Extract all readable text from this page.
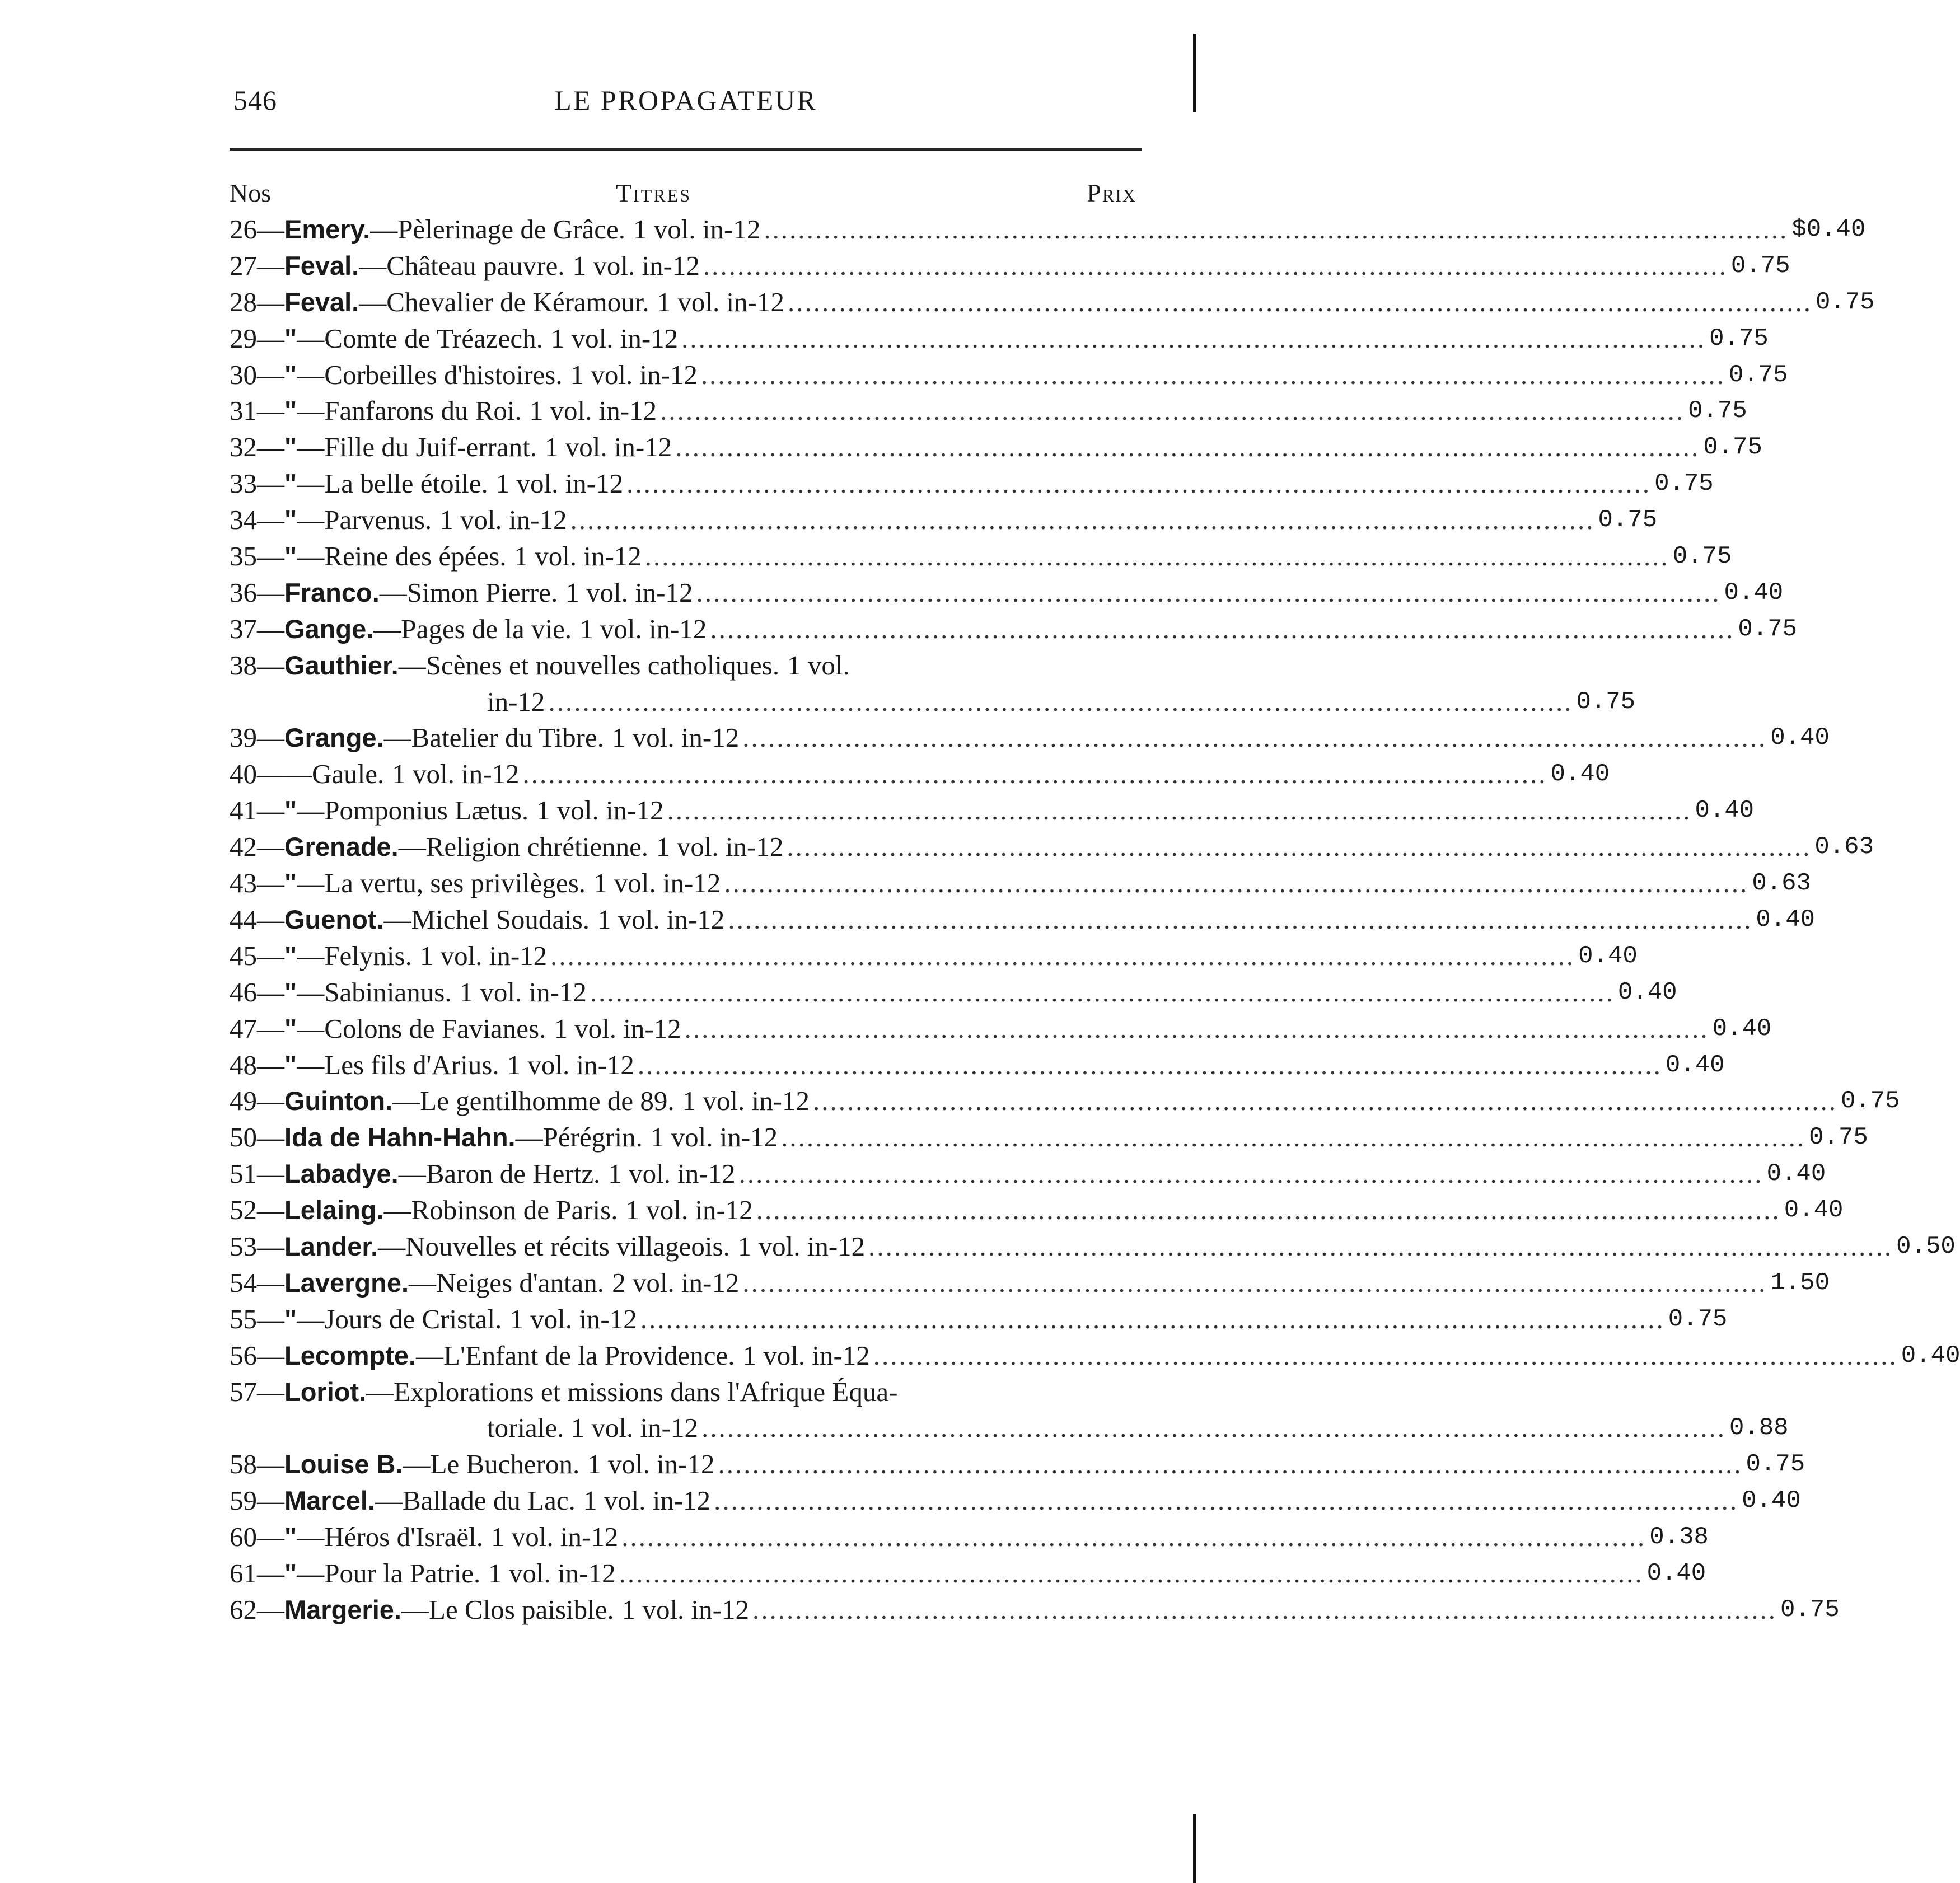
546	LE PROPAGATEUR
Nos	Titres	Prix
26 — Emery. —Pèlerinage de Grâce. 1 vol. in-12 ........................................................................................................................ $0.40
27 — Feval. —Château pauvre. 1 vol. in-12 ........................................................................................................................ 0.75
28 — Feval. —Chevalier de Kéramour. 1 vol. in-12 ........................................................................................................................ 0.75
29 — " —Comte de Tréazech. 1 vol. in-12 ........................................................................................................................ 0.75
30 — " —Corbeilles d'histoires. 1 vol. in-12 ........................................................................................................................ 0.75
31 — " —Fanfarons du Roi. 1 vol. in-12 ........................................................................................................................ 0.75
32 — " —Fille du Juif-errant. 1 vol. in-12 ........................................................................................................................ 0.75
33 — " —La belle étoile. 1 vol. in-12 ........................................................................................................................ 0.75
34 — " —Parvenus. 1 vol. in-12 ........................................................................................................................ 0.75
35 — " —Reine des épées. 1 vol. in-12 ........................................................................................................................ 0.75
36 — Franco. —Simon Pierre. 1 vol. in-12 ........................................................................................................................ 0.40
37 — Gange. —Pages de la vie. 1 vol. in-12 ........................................................................................................................ 0.75
38 — Gauthier. —Scènes et nouvelles catholiques. 1 vol.
in-12 ........................................................................................................................ 0.75
39 — Grange. —Batelier du Tibre. 1 vol. in-12 ........................................................................................................................ 0.40
40 — —Gaule. 1 vol. in-12 ........................................................................................................................ 0.40
41 — " —Pomponius Lætus. 1 vol. in-12 ........................................................................................................................ 0.40
42 — Grenade. —Religion chrétienne. 1 vol. in-12 ........................................................................................................................ 0.63
43 — " —La vertu, ses privilèges. 1 vol. in-12 ........................................................................................................................ 0.63
44 — Guenot. —Michel Soudais. 1 vol. in-12 ........................................................................................................................ 0.40
45 — " —Felynis. 1 vol. in-12 ........................................................................................................................ 0.40
46 — " —Sabinianus. 1 vol. in-12 ........................................................................................................................ 0.40
47 — " —Colons de Favianes. 1 vol. in-12 ........................................................................................................................ 0.40
48 — " —Les fils d'Arius. 1 vol. in-12 ........................................................................................................................ 0.40
49 — Guinton. —Le gentilhomme de 89. 1 vol. in-12 ........................................................................................................................ 0.75
50 — Ida de Hahn-Hahn. —Pérégrin. 1 vol. in-12 ........................................................................................................................ 0.75
51 — Labadye. —Baron de Hertz. 1 vol. in-12 ........................................................................................................................ 0.40
52 — Lelaing. —Robinson de Paris. 1 vol. in-12 ........................................................................................................................ 0.40
53 — Lander. —Nouvelles et récits villageois. 1 vol. in-12 ........................................................................................................................ 0.50
54 — Lavergne. —Neiges d'antan. 2 vol. in-12 ........................................................................................................................ 1.50
55 — " —Jours de Cristal. 1 vol. in-12 ........................................................................................................................ 0.75
56 — Lecompte. —L'Enfant de la Providence. 1 vol. in-12 ........................................................................................................................ 0.40
57 — Loriot. —Explorations et missions dans l'Afrique Équa-
toriale. 1 vol. in-12 ........................................................................................................................ 0.88
58 — Louise B. —Le Bucheron. 1 vol. in-12 ........................................................................................................................ 0.75
59 — Marcel. —Ballade du Lac. 1 vol. in-12 ........................................................................................................................ 0.40
60 — " —Héros d'Israël. 1 vol. in-12 ........................................................................................................................ 0.38
61 — " —Pour la Patrie. 1 vol. in-12 ........................................................................................................................ 0.40
62 — Margerie. —Le Clos paisible. 1 vol. in-12 ........................................................................................................................ 0.75
